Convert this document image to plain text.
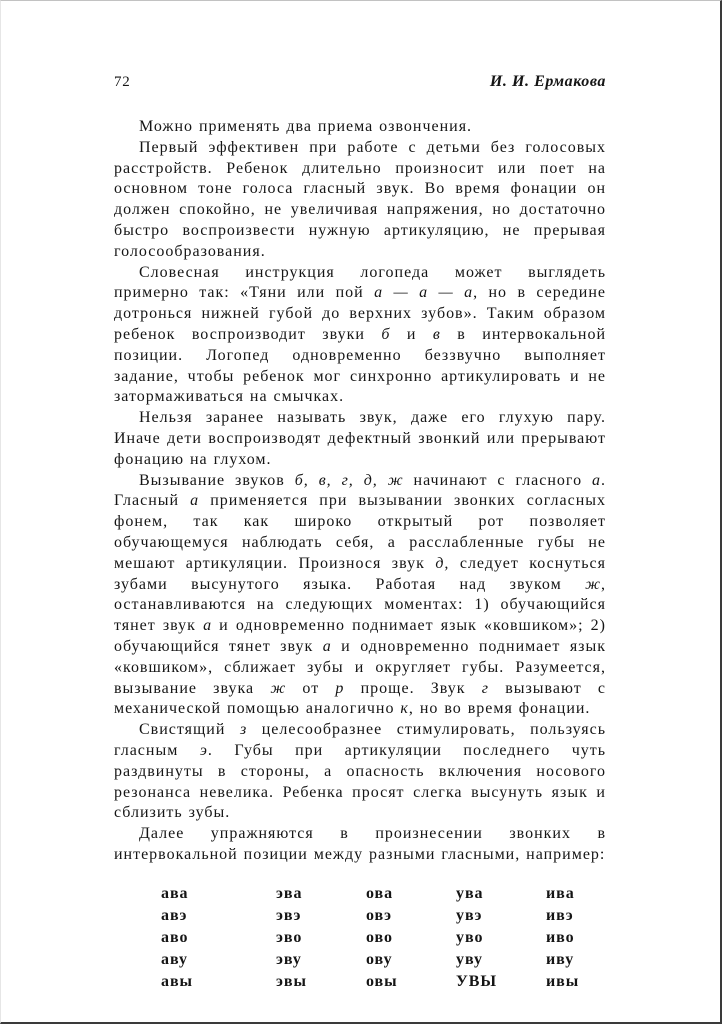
72	И. И. Ермакова

Можно применять два приема озвончения.

Первый эффективен при работе с детьми без голосовых расстройств. Ребенок длительно произносит или поет на основном тоне голоса гласный звук. Во время фонации он должен спокойно, не увеличивая напряжения, но достаточно быстро воспроизвести нужную артикуляцию, не прерывая голосообразования.

Словесная инструкция логопеда может выглядеть примерно так: «Тяни или пой а — а — а, но в середине дотронься нижней губой до верхних зубов». Таким образом ребенок воспроизводит звуки б и в в интервокальной позиции. Логопед одновременно беззвучно выполняет задание, чтобы ребенок мог синхронно артикулировать и не затормаживаться на смычках.

Нельзя заранее называть звук, даже его глухую пару. Иначе дети воспроизводят дефектный звонкий или прерывают фонацию на глухом.

Вызывание звуков б, в, г, д, ж начинают с гласного а. Гласный а применяется при вызывании звонких согласных фонем, так как широко открытый рот позволяет обучающемуся наблюдать себя, а расслабленные губы не мешают артикуляции. Произнося звук д, следует коснуться зубами высунутого языка. Работая над звуком ж, останавливаются на следующих моментах: 1) обучающийся тянет звук а и одновременно поднимает язык «ковшиком»; 2) обучающийся тянет звук а и одновременно поднимает язык «ковшиком», сближает зубы и округляет губы. Разумеется, вызывание звука ж от р проще. Звук г вызывают с механической помощью аналогично к, но во время фонации.

Свистящий з целесообразнее стимулировать, пользуясь гласным э. Губы при артикуляции последнего чуть раздвинуты в стороны, а опасность включения носового резонанса невелика. Ребенка просят слегка высунуть язык и сблизить зубы.

Далее упражняются в произнесении звонких в интервокальной позиции между разными гласными, например:

ава	эва	ова	ува	ива
авэ	эвэ	овэ	увэ	ивэ
аво	эво	ово	уво	иво
аву	эву	ову	уву	иву
авы	эвы	овы	УВЫ	ивы
